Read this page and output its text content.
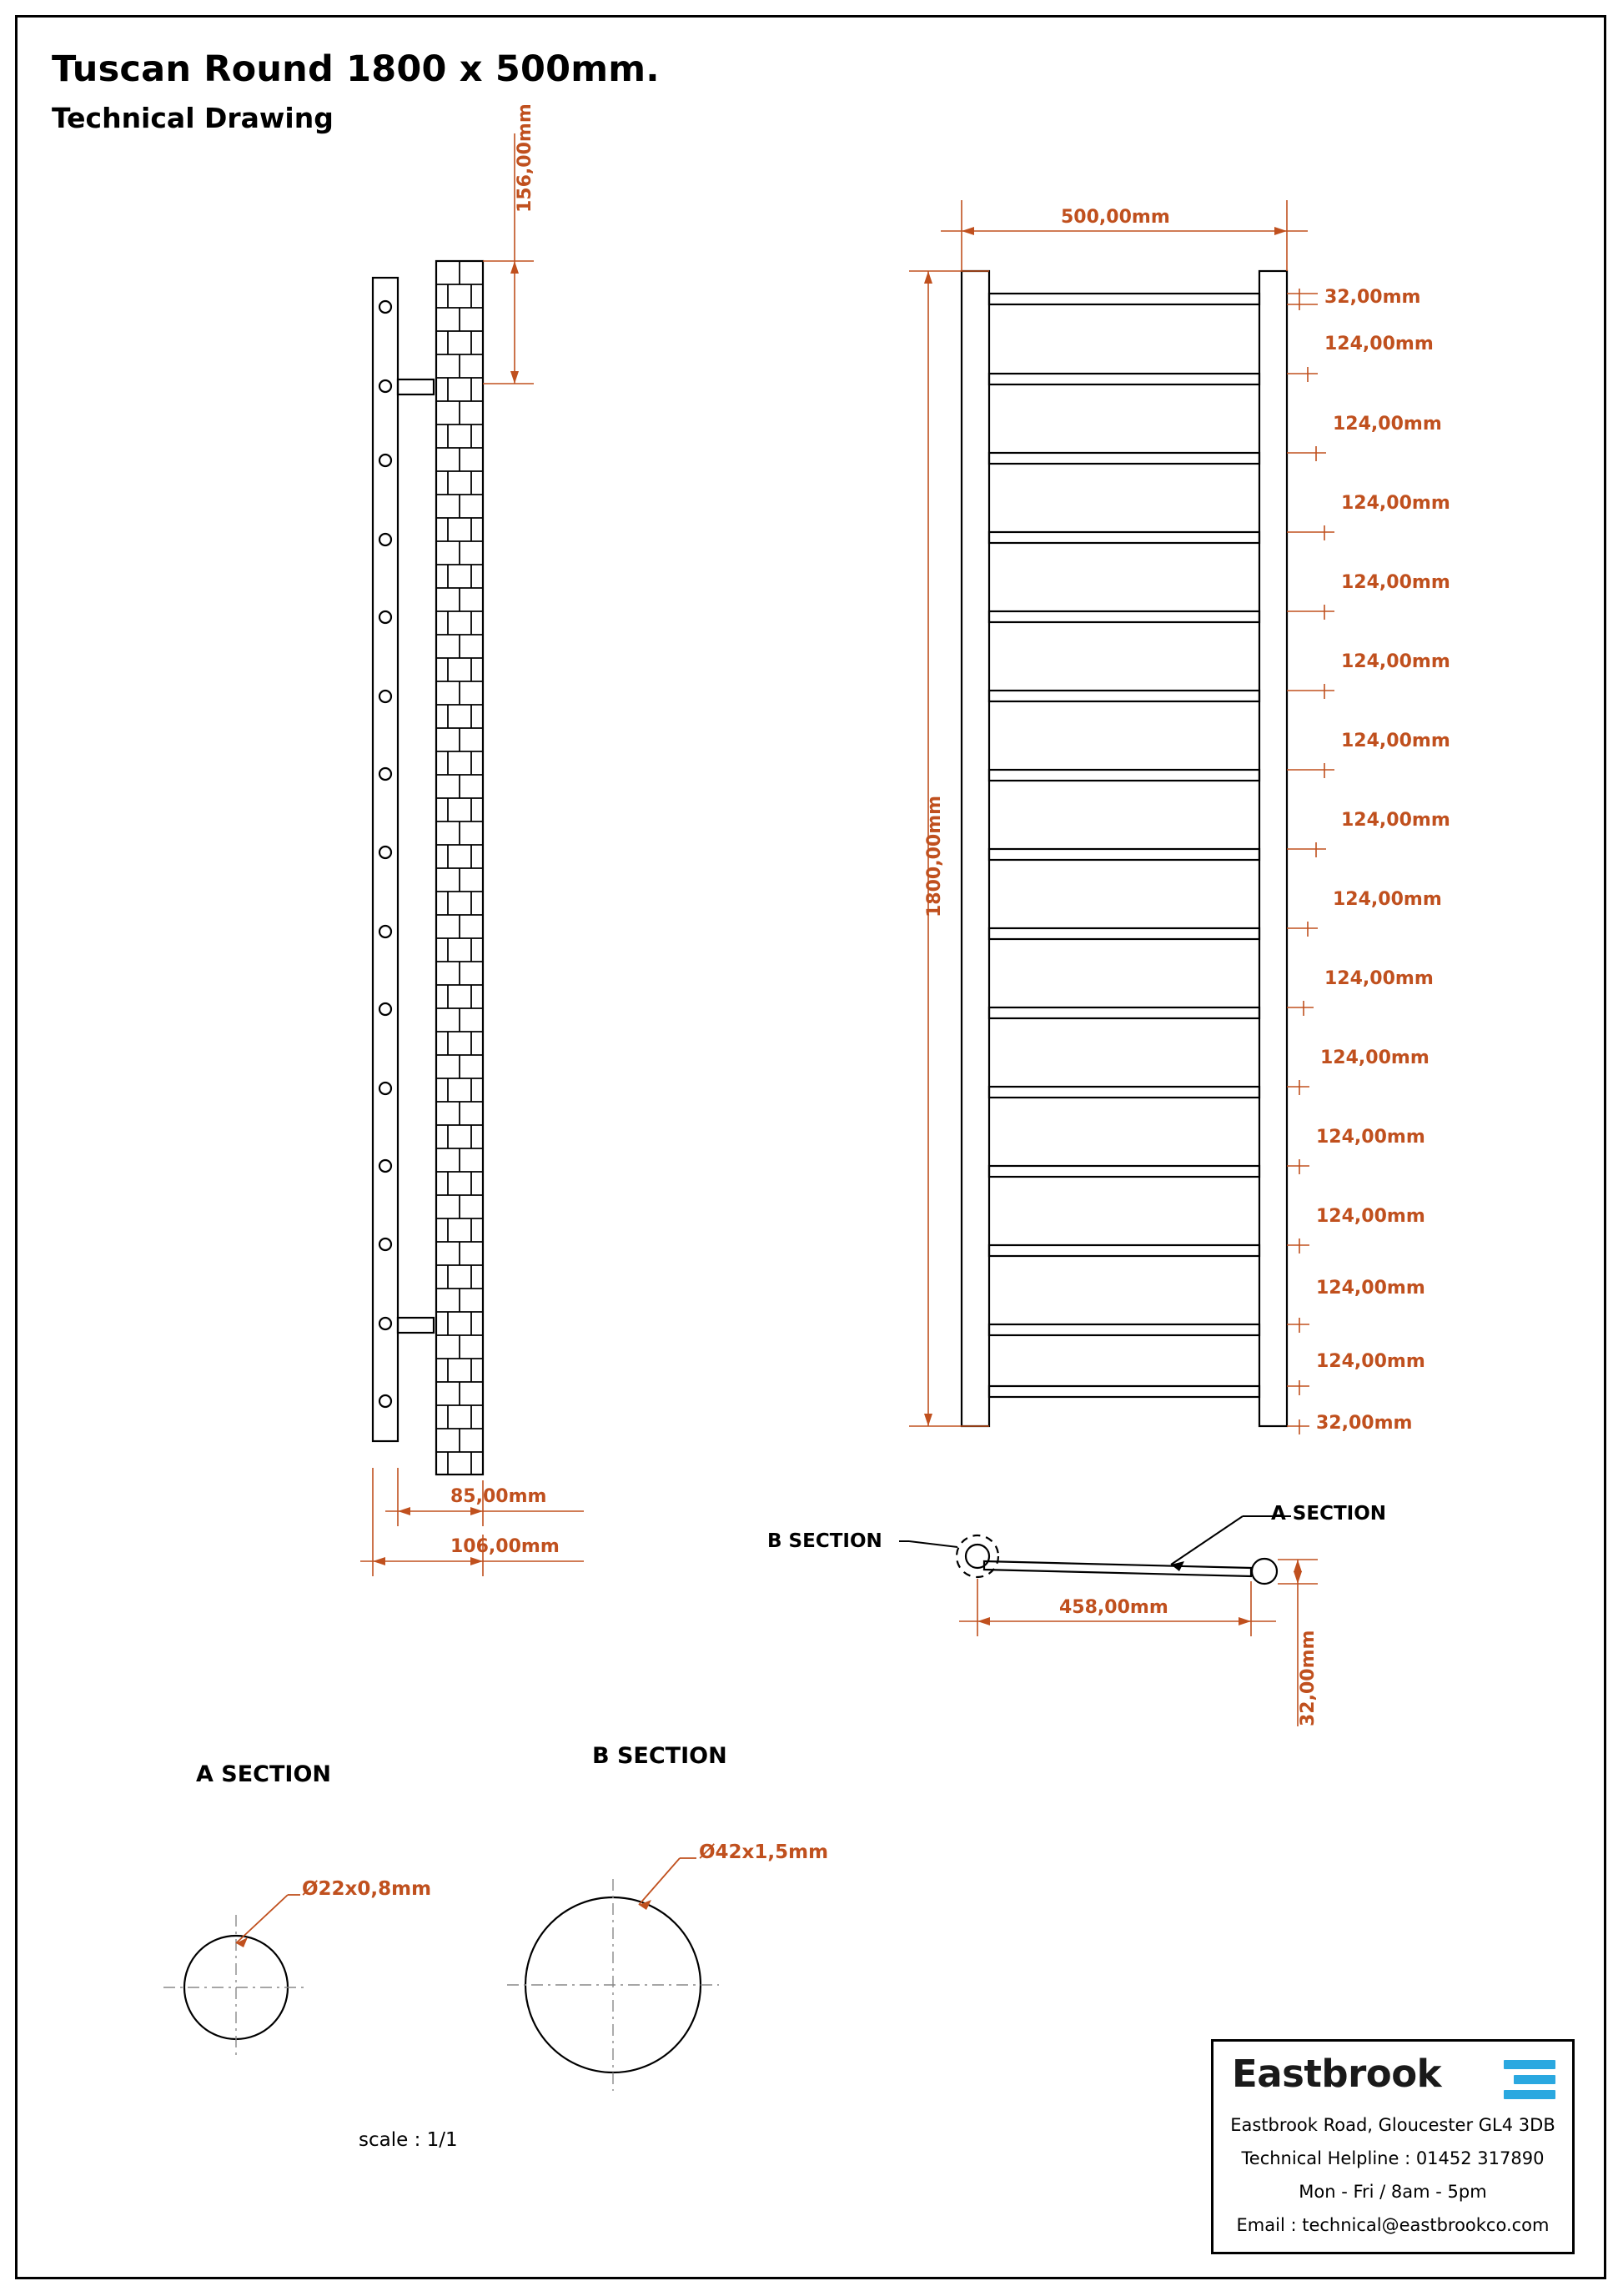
Tuscan Round 1800 x 500mm.
Technical Drawing	156,00mm
85,00mm
106,00mm
500,00mm
1800,00mm
32,00mm
124,00mm
124,00mm
124,00mm
124,00mm
124,00mm
124,00mm
124,00mm
124,00mm
124,00mm
124,00mm
124,00mm
124,00mm
124,00mm
124,00mm
32,00mm
A SECTION
B SECTION
458,00mm
32,00mm
A SECTION
B SECTION
Ø22x0,8mm
Ø42x1,5mm
scale : 1/1
Eastbrook
Eastbrook Road, Gloucester GL4 3DB
Technical Helpline : 01452 317890
Mon - Fri / 8am - 5pm
Email : technical@eastbrookco.com
